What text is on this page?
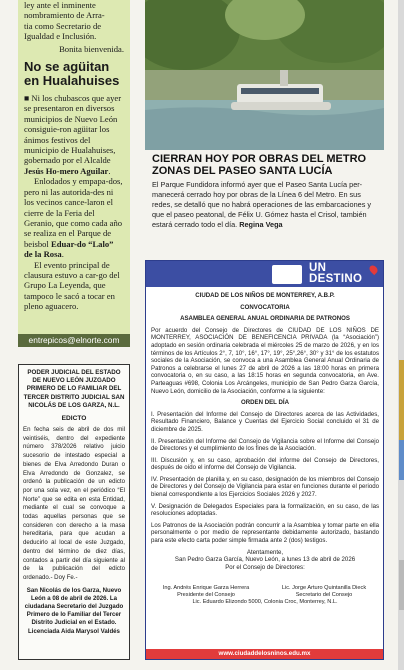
ley ante el inminente
nombramiento de Arra-
tia como Secretario de
Igualdad e Inclusión.

Bonita bienvenida.

No se agüitan en Hualahuises

■ Ni los chubascos que ayer se presentaron en diversos municipios de Nuevo León consiguie-ron agüitar los ánimos festivos del municipio de Hualahuises, gobernado por el Alcalde Jesús Ho-mero Aguilar.

Enlodados y empapa-dos, pero ni las autorida-des ni los vecinos cance-laron el cierre de la Feria del Geranio, que como cada año se realiza en el Parque de beisbol Eduar-do “Lalo” de la Rosa.

El evento principal de clausura estuvo a car-go del Grupo La Leyenda, que tampoco le sacó a tocar en pleno aguacero.

entrepicos@elnorte.com
PODER JUDICIAL DEL ESTADO DE NUEVO LEÓN JUZGADO PRIMERO DE LO FAMILIAR DEL TERCER DISTRITO JUDICIAL SAN NICOLÁS DE LOS GARZA, N.L.
EDICTO
En fecha seis de abril de dos mil veintiséis, dentro del expediente número 378/2026 relativo juicio sucesorio de intestado especial a bienes de Elva Arredondo Duran o Elva Arredondo de Gonzalez, se ordenó la publicación de un edicto por una sola vez, en el periódico “El Norte” que se edita en esta Entidad, mediante el cual se convoque a todas aquellas personas que se consideren con derecho a la masa hereditaria, para que acudan a deducirlo al local de este Juzgado, dentro del término de diez días, contados a partir del día siguiente al de la publicación del edicto ordenado.- Doy Fe.-
San Nicolás de los Garza, Nuevo León a 08 de abril de 2026. La ciudadana Secretario del Juzgado Primero de lo Familiar del Tercer Distrito Judicial en el Estado. Licenciada Aida Marysol Valdés
CIERRAN HOY POR OBRAS DEL METRO ZONAS DEL PASEO SANTA LUCÍA

El Parque Fundidora informó ayer que el Paseo Santa Lucía per-manecerá cerrado hoy por obras de la Línea 6 del Metro. En sus redes, se detalló que no habrá operaciones de las embarcaciones y que el paseo peatonal, de Félix U. Gómez hasta el Crisol, también estará cerrado todo el día. Regina Vega

UN
DESTINO
CIUDAD DE LOS NIÑOS DE MONTERREY, A.B.P.
CONVOCATORIA
ASAMBLEA GENERAL ANUAL ORDINARIA DE PATRONOS

Por acuerdo del Consejo de Directores de CIUDAD DE LOS NIÑOS DE MONTERREY, ASOCIACIÓN DE BENEFICENCIA PRIVADA (la “Asociación”) adoptado en sesión ordinaria celebrada el miércoles 25 de marzo de 2026, y en los términos de los Artículos 2°, 7, 10°, 16°, 17°, 19°, 25°,26°, 30° y 31° de los estatutos sociales de la Asociación, se convoca a una Asamblea General Anual Ordinaria de Patronos a celebrarse el lunes 27 de abril de 2026 a las 18:00 horas en primera convocatoria o, en su caso, a las 18:15 horas en segunda convocatoria, en Ave. Parteaguas #698, Colonia Los Arcángeles, municipio de San Pedro Garza García, Nuevo León, domicilio de la Asociación, conforme a la siguiente:

ORDEN DEL DÍA

I. Presentación del Informe del Consejo de Directores acerca de las Actividades, Resultado Financiero, Balance y Cuentas del Ejercicio Social concluido el 31 de diciembre de 2025.

II. Presentación del Informe del Consejo de Vigilancia sobre el Informe del Consejo de Directores y el cumplimiento de los fines de la Asociación.

III. Discusión y, en su caso, aprobación del informe del Consejo de Directores, después de oído el informe del Consejo de Vigilancia.

IV. Presentación de planilla y, en su caso, designación de los miembros del Consejo de Directores y del Consejo de Vigilancia para estar en funciones durante el periodo bienal correspondiente a los Ejercicios Sociales 2026 y 2027.

V. Designación de Delegados Especiales para la formalización, en su caso, de las resoluciones adoptadas.

Los Patronos de la Asociación podrán concurrir a la Asamblea y tomar parte en ella personalmente o por medio de representante debidamente autorizado, bastando para este efecto carta poder simple firmada ante 2 (dos) testigos.

Atentamente,
San Pedro Garza García, Nuevo León, a lunes 13 de abril de 2026
Por el Consejo de Directores:
Ing. Andrés Enrique Garza Herrera
Presidente del Consejo
Lic. Jorge Arturo Quintanilla Dieck
Secretario del Consejo
Lic. Eduardo Elizondo 5000, Colonia Croc, Monterrey, N.L.
www.ciudaddelosninos.edu.mx
